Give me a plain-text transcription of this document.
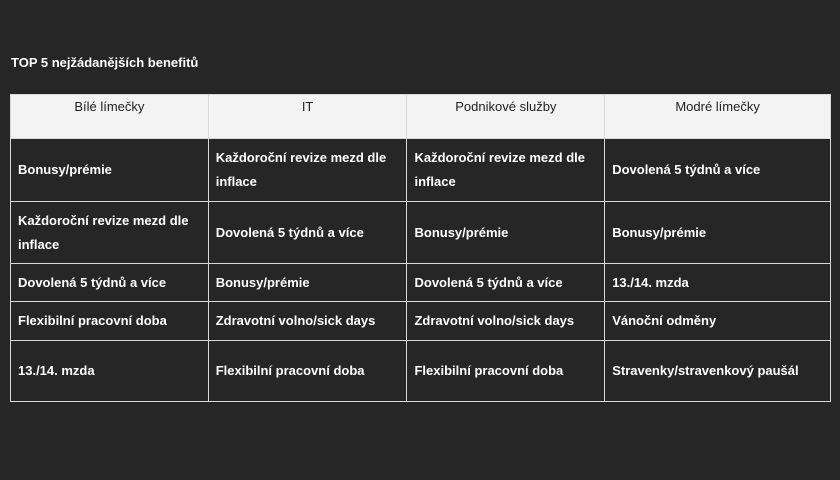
TOP 5 nejžádanějších benefitů
Bílé límečky	IT	Podnikové služby	Modré límečky
Bonusy/prémie	Každoroční revize mezd dle inflace	Každoroční revize mezd dle inflace	Dovolená 5 týdnů a více
Každoroční revize mezd dle inflace	Dovolená 5 týdnů a více	Bonusy/prémie	Bonusy/prémie
Dovolená 5 týdnů a více	Bonusy/prémie	Dovolená 5 týdnů a více	13./14. mzda
Flexibilní pracovní doba	Zdravotní volno/sick days	Zdravotní volno/sick days	Vánoční odměny
13./14. mzda	Flexibilní pracovní doba	Flexibilní pracovní doba	Stravenky/stravenkový paušál
